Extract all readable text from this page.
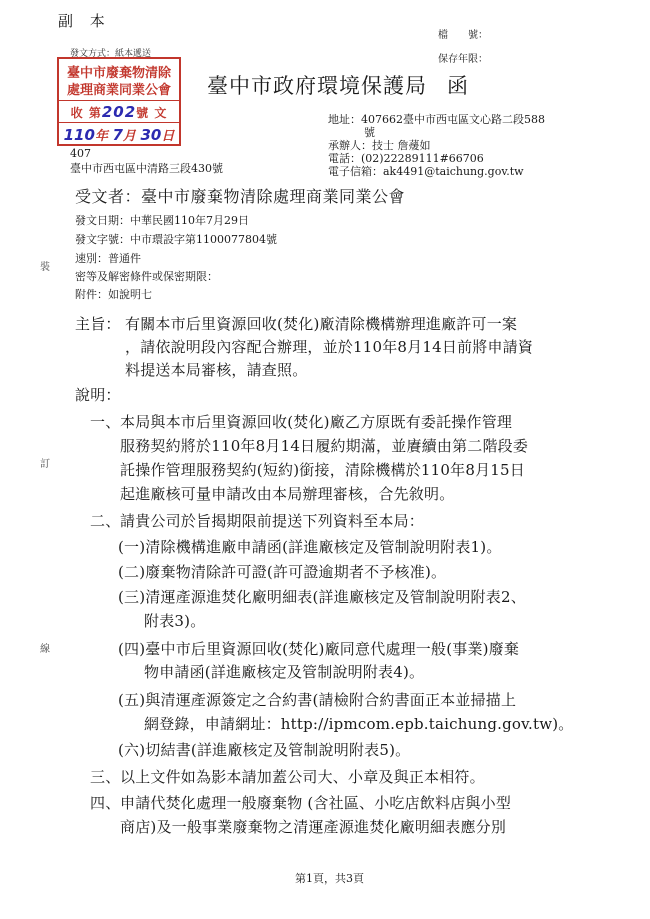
副 本
檔　　號：
保存年限：
發文方式：紙本遞送
臺中市廢棄物清除
處理商業同業公會
收 第202號 文
110年 7月 30日
臺中市政府環境保護局 函
地址：407662臺中市西屯區文心路二段588
號
承辦人：技士 詹蕿如
電話：(02)22289111#66706
電子信箱：ak4491@taichung.gov.tw
407
臺中市西屯區中清路三段430號
受文者：臺中市廢棄物清除處理商業同業公會
發文日期：中華民國110年7月29日
發文字號：中市環設字第1100077804號
速別：普通件
密等及解密條件或保密期限：
附件：如說明七
裝
訂
線
主旨： 有關本市后里資源回收(焚化)廠清除機構辦理進廠許可一案
，請依說明段內容配合辦理，並於110年8月14日前將申請資
料提送本局審核，請查照。
說明：
一、 本局與本市后里資源回收(焚化)廠乙方原既有委託操作管理
服務契約將於110年8月14日履約期滿，並賡續由第二階段委
託操作管理服務契約(短約)銜接，清除機構於110年8月15日
起進廠核可量申請改由本局辦理審核，合先敘明。
二、 請貴公司於旨揭期限前提送下列資料至本局：
(一)清除機構進廠申請函(詳進廠核定及管制說明附表1)。
(二)廢棄物清除許可證(許可證逾期者不予核准)。
(三)清運產源進焚化廠明細表(詳進廠核定及管制說明附表2、
附表3)。
(四)臺中市后里資源回收(焚化)廠同意代處理一般(事業)廢棄
物申請函(詳進廠核定及管制說明附表4)。
(五)與清運產源簽定之合約書(請檢附合約書面正本並掃描上
網登錄，申請網址：http://ipmcom.epb.taichung.gov.tw)。
(六)切結書(詳進廠核定及管制說明附表5)。
三、 以上文件如為影本請加蓋公司大、小章及與正本相符。
四、 申請代焚化處理一般廢棄物 (含社區、小吃店飲料店與小型
商店)及一般事業廢棄物之清運產源進焚化廠明細表應分別
第1頁，共3頁
